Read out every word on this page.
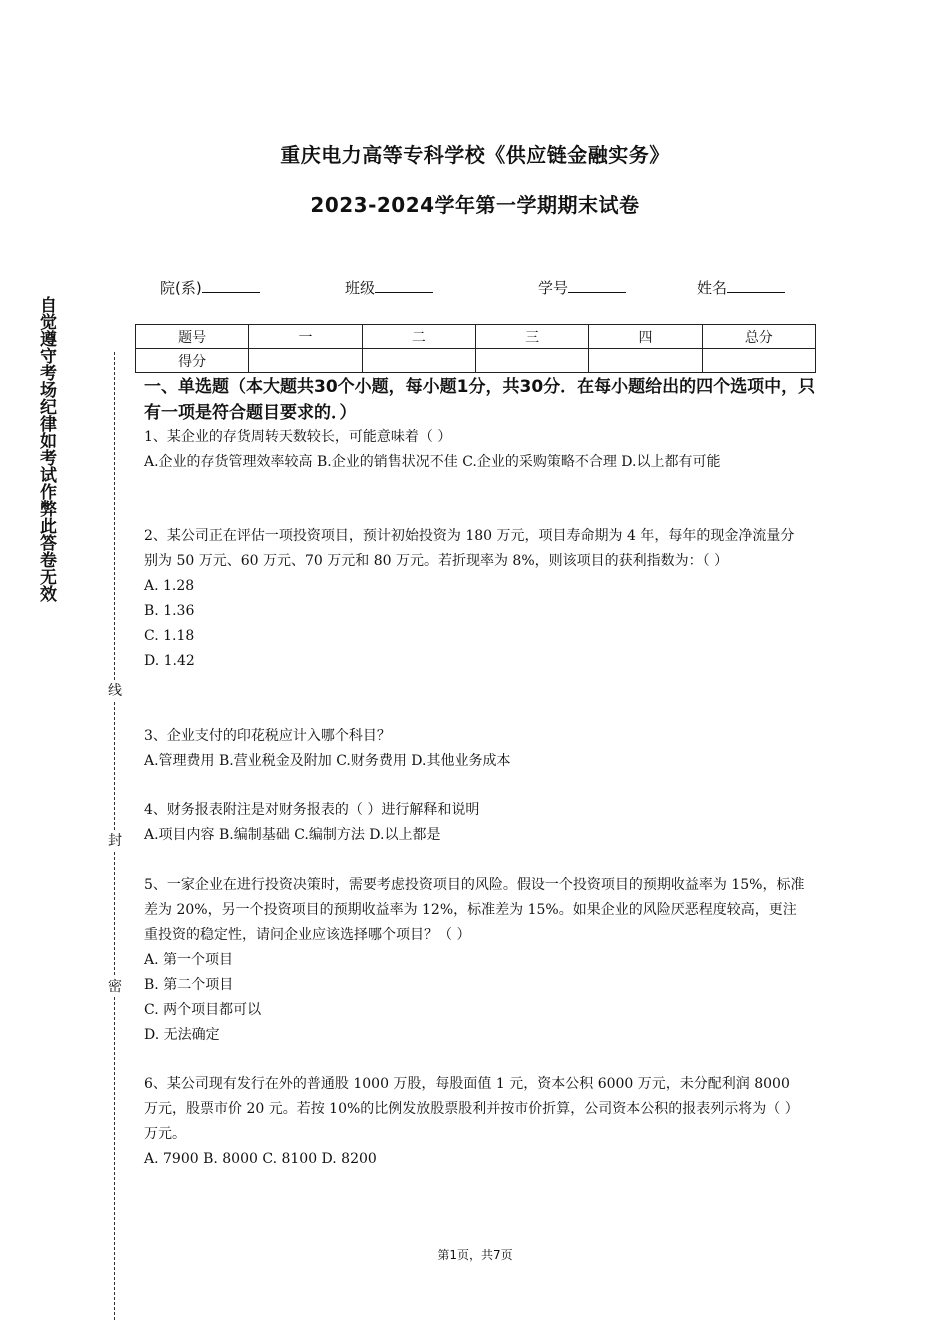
自觉遵守考场纪律如考试作弊此答卷无效
线
封
密
重庆电力高等专科学校《供应链金融实务》
2023-2024学年第一学期期末试卷
院(系)	班级	学号	姓名
题号	一	二	三	四	总分
得分					
一、单选题（本大题共30个小题，每小题1分，共30分．在每小题给出的四个选项中，只有一项是符合题目要求的．）

1、某企业的存货周转天数较长，可能意味着（ ）

A.企业的存货管理效率较高 B.企业的销售状况不佳 C.企业的采购策略不合理 D.以上都有可能

2、某公司正在评估一项投资项目，预计初始投资为 180 万元，项目寿命期为 4 年，每年的现金净流量分别为 50 万元、60 万元、70 万元和 80 万元。若折现率为 8%，则该项目的获利指数为：（ ）

A. 1.28

B. 1.36

C. 1.18

D. 1.42

3、企业支付的印花税应计入哪个科目？

A.管理费用 B.营业税金及附加 C.财务费用 D.其他业务成本

4、财务报表附注是对财务报表的（ ）进行解释和说明

A.项目内容 B.编制基础 C.编制方法 D.以上都是

5、一家企业在进行投资决策时，需要考虑投资项目的风险。假设一个投资项目的预期收益率为 15%，标准差为 20%，另一个投资项目的预期收益率为 12%，标准差为 15%。如果企业的风险厌恶程度较高，更注重投资的稳定性，请问企业应该选择哪个项目？（ ）

A. 第一个项目

B. 第二个项目

C. 两个项目都可以

D. 无法确定

6、某公司现有发行在外的普通股 1000 万股，每股面值 1 元，资本公积 6000 万元，未分配利润 8000 万元，股票市价 20 元。若按 10%的比例发放股票股利并按市价折算，公司资本公积的报表列示将为（ ）万元。

A. 7900 B. 8000 C. 8100 D. 8200

第1页，共7页
